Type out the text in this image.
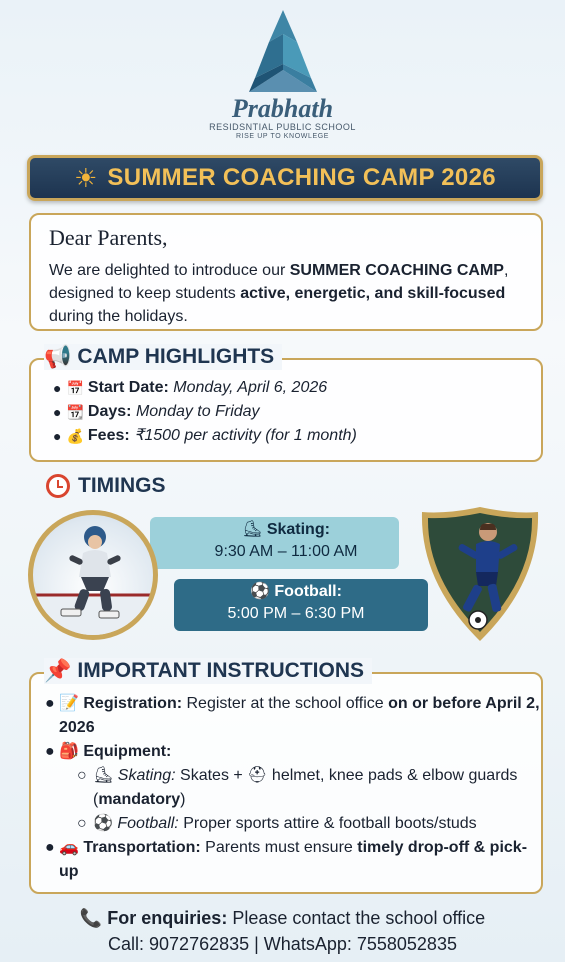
Prabhath
RESIDSNTIAL PUBLIC SCHOOL
RISE UP TO KNOWLEGE
☀ SUMMER COACHING CAMP 2026
Dear Parents,
We are delighted to introduce our SUMMER COACHING CAMP, designed to keep students active, energetic, and skill-focused during the holidays.
● 📅 Start Date:
Monday, April 6, 2026
● 📆 Days:
Monday to Friday
● 💰 Fees:
₹1500 per activity (for 1 month)
📢 CAMP HIGHLIGHTS
TIMINGS
⛸ Skating:
9:30 AM – 11:00 AM
⚽ Football:
5:00 PM – 6:30 PM
● 📝 Registration: Register at the school office on or before April 2, 2026
● 🎒 Equipment:
○ ⛸ Skating: Skates + ⛑ helmet, knee pads & elbow guards (mandatory)
○ ⚽ Football: Proper sports attire & football boots/studs
● 🚗 Transportation: Parents must ensure timely drop-off & pick-up
📌 IMPORTANT INSTRUCTIONS
📞 For enquiries: Please contact the school office
Call: 9072762835 | WhatsApp: 7558052835
